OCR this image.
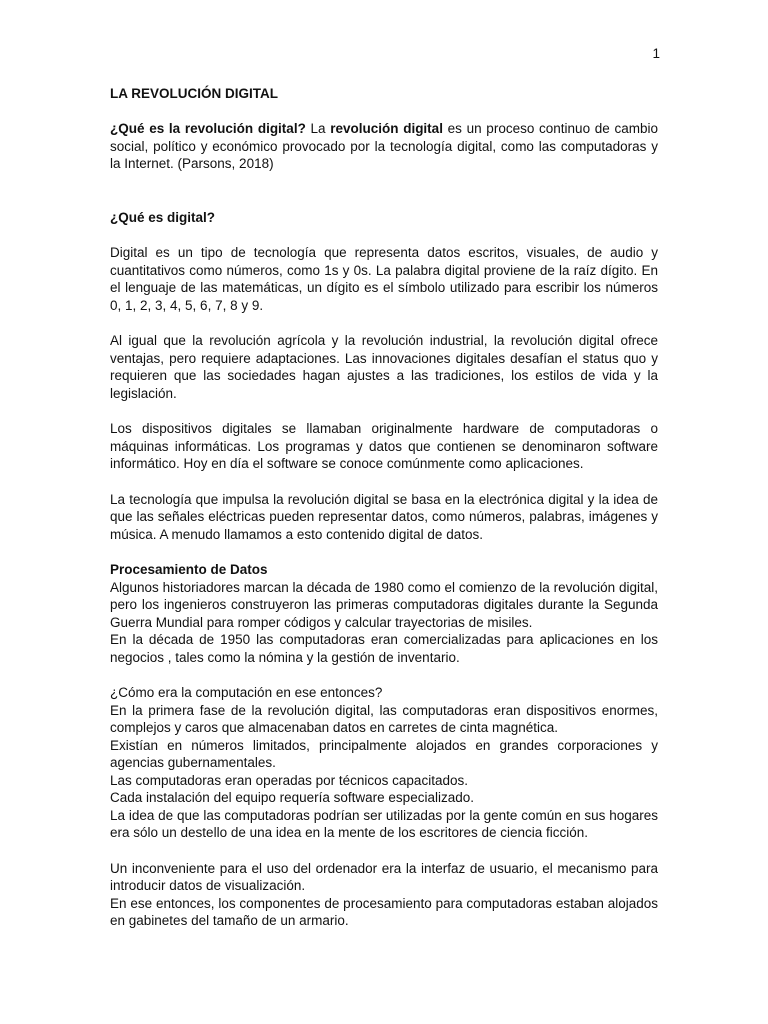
1

LA REVOLUCIÓN DIGITAL

¿Qué es la revolución digital? La revolución digital es un proceso continuo de cambio social, político y económico provocado por la tecnología digital, como las computadoras y la Internet. (Parsons, 2018)

¿Qué es digital?

Digital es un tipo de tecnología que representa datos escritos, visuales, de audio y cuantitativos como números, como 1s y 0s. La palabra digital proviene de la raíz dígito. En el lenguaje de las matemáticas, un dígito es el símbolo utilizado para escribir los números 0, 1, 2, 3, 4, 5, 6, 7, 8 y 9.

Al igual que la revolución agrícola y la revolución industrial, la revolución digital ofrece ventajas, pero requiere adaptaciones. Las innovaciones digitales desafían el status quo y requieren que las sociedades hagan ajustes a las tradiciones, los estilos de vida y la legislación.

Los dispositivos digitales se llamaban originalmente hardware de computadoras o máquinas informáticas. Los programas y datos que contienen se denominaron software informático. Hoy en día el software se conoce comúnmente como aplicaciones.

La tecnología que impulsa la revolución digital se basa en la electrónica digital y la idea de que las señales eléctricas pueden representar datos, como números, palabras, imágenes y música. A menudo llamamos a esto contenido digital de datos.

Procesamiento de Datos

Algunos historiadores marcan la década de 1980 como el comienzo de la revolución digital, pero los ingenieros construyeron las primeras computadoras digitales durante la Segunda Guerra Mundial para romper códigos y calcular trayectorias de misiles.

En la década de 1950 las computadoras eran comercializadas para aplicaciones en los negocios , tales como la nómina y la gestión de inventario.

¿Cómo era la computación en ese entonces?

En la primera fase de la revolución digital, las computadoras eran dispositivos enormes, complejos y caros que almacenaban datos en carretes de cinta magnética.

Existían en números limitados, principalmente alojados en grandes corporaciones y agencias gubernamentales.

Las computadoras eran operadas por técnicos capacitados.

Cada instalación del equipo requería software especializado.

La idea de que las computadoras podrían ser utilizadas por la gente común en sus hogares era sólo un destello de una idea en la mente de los escritores de ciencia ficción.

Un inconveniente para el uso del ordenador era la interfaz de usuario, el mecanismo para introducir datos de visualización.

En ese entonces, los componentes de procesamiento para computadoras estaban alojados en gabinetes del tamaño de un armario.
